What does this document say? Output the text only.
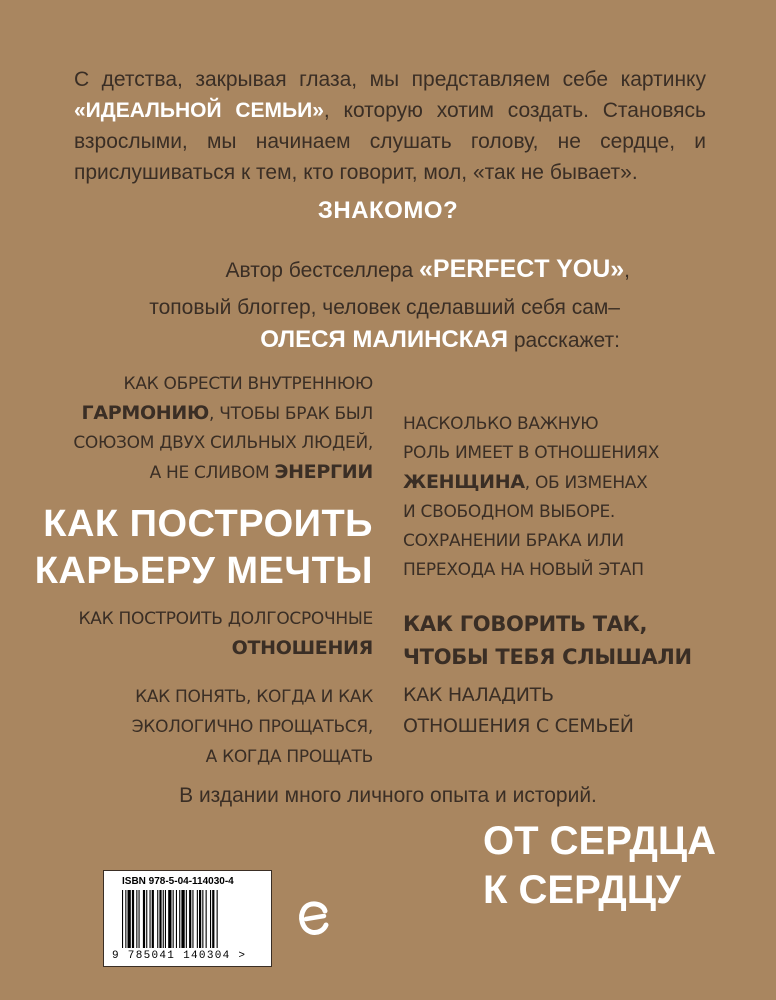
С детства, закрывая глаза, мы представляем себе картинку «ИДЕАЛЬНОЙ СЕМЬИ», которую хотим создать. Становясь взрослыми, мы начинаем слушать голову, не сердце, и прислушиваться к тем, кто говорит, мол, «так не бывает».
ЗНАКОМО?
Автор бестселлера «PERFECT YOU»,
топовый блоггер, человек сделавший себя сам–
ОЛЕСЯ МАЛИНСКАЯ расскажет:
КАК ОБРЕСТИ ВНУТРЕННЮЮ
ГАРМОНИЮ, ЧТОБЫ БРАК БЫЛ
СОЮЗОМ ДВУХ СИЛЬНЫХ ЛЮДЕЙ,
А НЕ СЛИВОМ ЭНЕРГИИ
КАК ПОСТРОИТЬ
КАРЬЕРУ МЕЧТЫ
КАК ПОСТРОИТЬ ДОЛГОСРОЧНЫЕ
ОТНОШЕНИЯ
КАК ПОНЯТЬ, КОГДА И КАК
ЭКОЛОГИЧНО ПРОЩАТЬСЯ,
А КОГДА ПРОЩАТЬ
НАСКОЛЬКО ВАЖНУЮ
РОЛЬ ИМЕЕТ В ОТНОШЕНИЯХ
ЖЕНЩИНА, ОБ ИЗМЕНАХ
И СВОБОДНОМ ВЫБОРЕ.
СОХРАНЕНИИ БРАКА ИЛИ
ПЕРЕХОДА НА НОВЫЙ ЭТАП
КАК ГОВОРИТЬ ТАК,
ЧТОБЫ ТЕБЯ СЛЫШАЛИ
КАК НАЛАДИТЬ
ОТНОШЕНИЯ С СЕМЬЕЙ
В издании много личного опыта и историй.
ОТ СЕРДЦА
К СЕРДЦУ
ISBN 978-5-04-114030-4
9 785041 140304 >
